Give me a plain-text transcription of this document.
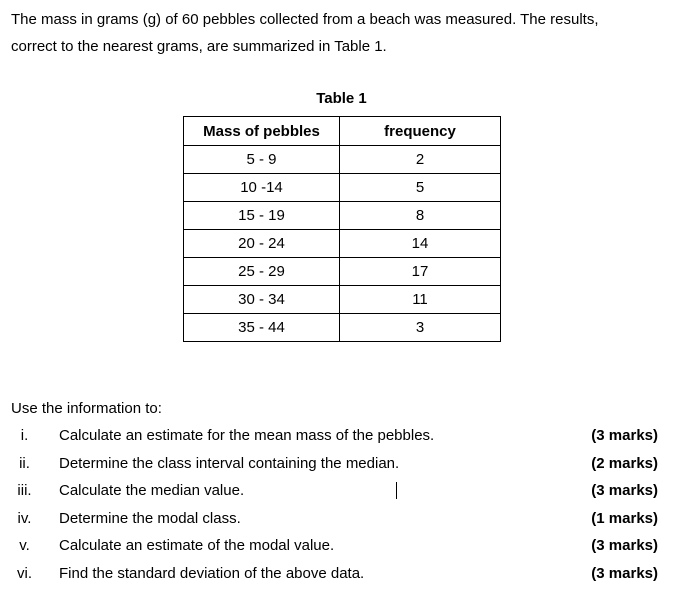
The mass in grams (g) of 60 pebbles collected from a beach was measured. The results,
correct to the nearest grams, are summarized in Table 1.

Table 1
Mass of pebbles	frequency
5 - 9	2
10 -14	5
15 - 19	8
20 - 24	14
25 - 29	17
30 - 34	11
35 - 44	3

Use the information to:

i.	Calculate an estimate for the mean mass of the pebbles.	(3 marks)
ii.	Determine the class interval containing the median.	(2 marks)
iii. Calculate the median value.	(3 marks)
iv. Determine the modal class.	(1 marks)
v.	Calculate an estimate of the modal value.	(3 marks)
vi. Find the standard deviation of the above data.	(3 marks)
